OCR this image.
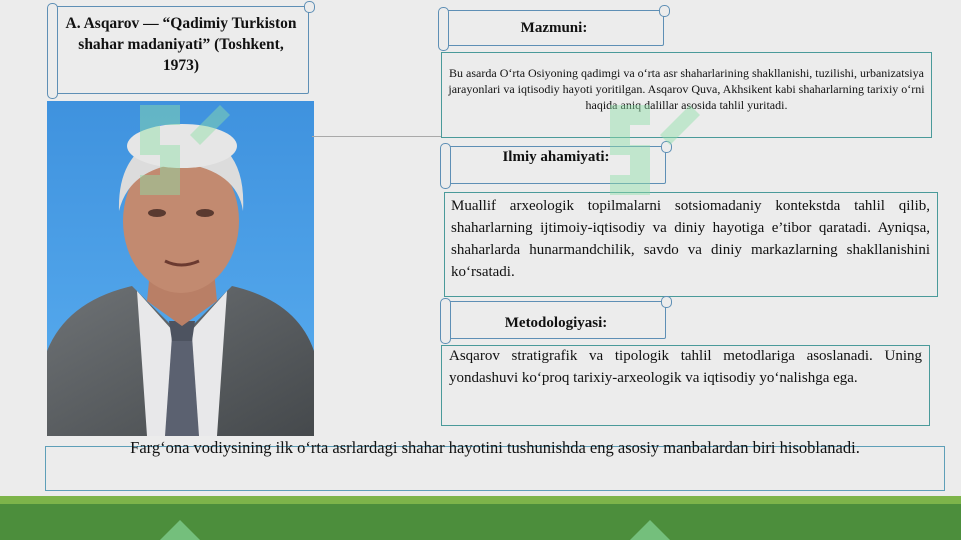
A. Asqarov — “Qadimiy Turkiston shahar madaniyati” (Toshkent, 1973)
Mazmuni:
Bu asarda O‘rta Osiyoning qadimgi va o‘rta asr shaharlarining shakllanishi, tuzilishi, urbanizatsiya jarayonlari va iqtisodiy hayoti yoritilgan. Asqarov Quva, Akhsikent kabi shaharlarning tarixiy o‘rni haqida aniq dalillar asosida tahlil yuritadi.
Ilmiy ahamiyati:
Muallif arxeologik topilmalarni sotsiomadaniy kontekstda tahlil qilib, shaharlarning ijtimoiy-iqtisodiy va diniy hayotiga e’tibor qaratadi. Ayniqsa, shaharlarda hunarmandchilik, savdo va diniy markazlarning shakllanishini ko‘rsatadi.
Metodologiyasi:
Asqarov stratigrafik va tipologik tahlil metodlariga asoslanadi. Uning yondashuvi ko‘proq tarixiy-arxeologik va iqtisodiy yo‘nalishga ega.
Farg‘ona vodiysining ilk o‘rta asrlardagi shahar hayotini tushunishda eng asosiy manbalardan biri hisoblanadi.
